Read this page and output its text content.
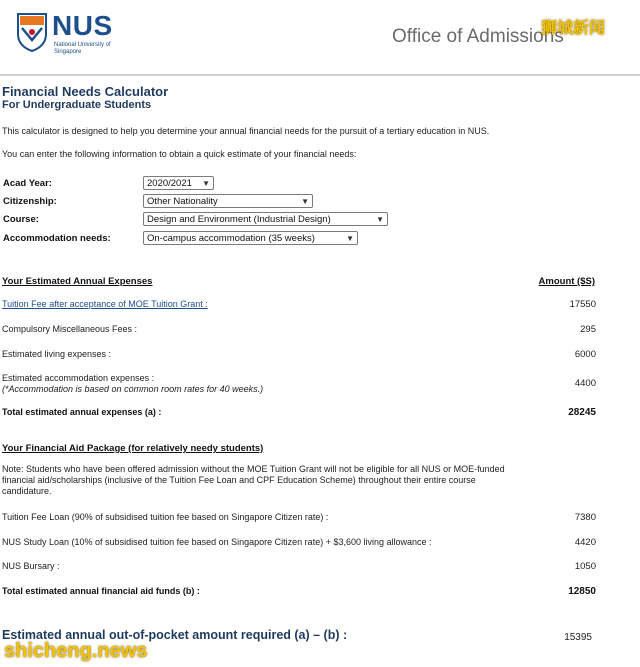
NUS
National University of Singapore
Office of Admissions
狮城新闻
Financial Needs Calculator
For Undergraduate Students
This calculator is designed to help you determine your annual financial needs for the pursuit of a tertiary education in NUS.
You can enter the following information to obtain a quick estimate of your financial needs:
Acad Year:	2020/2021 ▼
Citizenship:	Other Nationality	▼
Course:	Design and Environment (Industrial Design)	▼
Accommodation needs:	On-campus accommodation (35 weeks)	▼
Your Estimated Annual Expenses	Amount ($S)
Tuition Fee after acceptance of MOE Tuition Grant :	17550
Compulsory Miscellaneous Fees :	295
Estimated living expenses :	6000
Estimated accommodation expenses :
(*Accommodation is based on common room rates for 40 weeks.)	4400
Total estimated annual expenses (a) :	28245
Your Financial Aid Package (for relatively needy students)
Note: Students who have been offered admission without the MOE Tuition Grant will not be eligible for all NUS or MOE-funded financial aid/scholarships (inclusive of the Tuition Fee Loan and CPF Education Scheme) throughout their entire course candidature.
Tuition Fee Loan (90% of subsidised tuition fee based on Singapore Citizen rate) :	7380
NUS Study Loan (10% of subsidised tuition fee based on Singapore Citizen rate) + $3,600 living allowance :	4420
NUS Bursary :	1050
Total estimated annual financial aid funds (b) :	12850
Estimated annual out-of-pocket amount required (a) – (b) :	15395
shicheng.news
